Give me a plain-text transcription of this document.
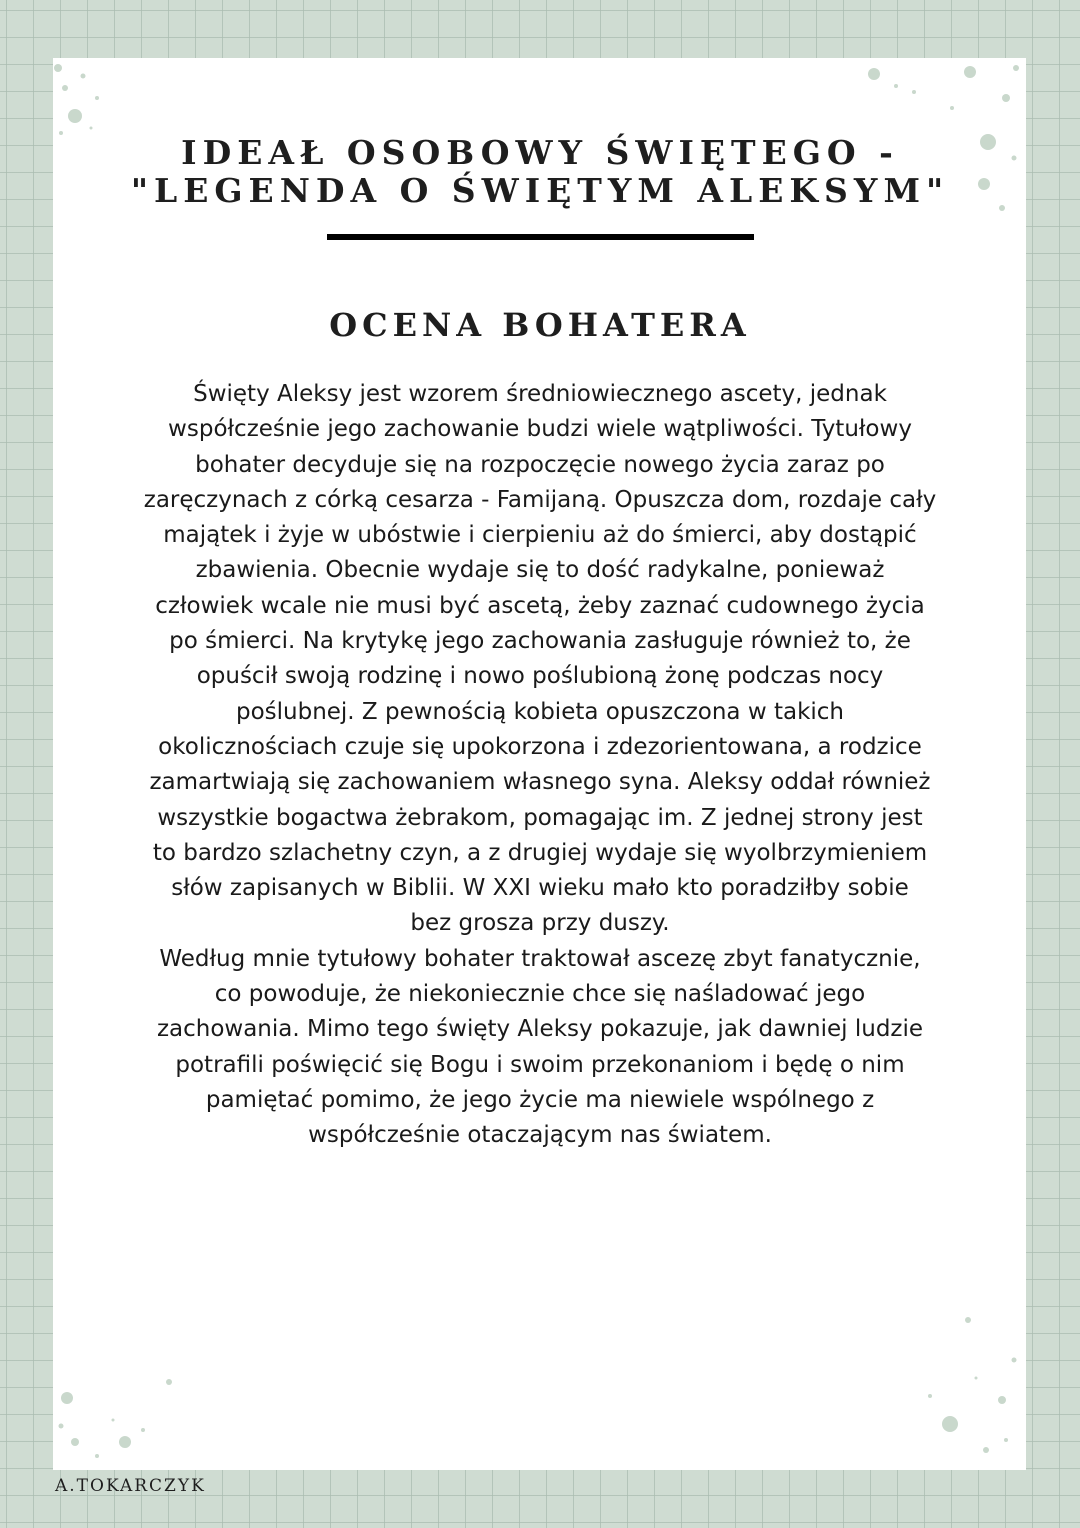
IDEAŁ OSOBOWY ŚWIĘTEGO -
"LEGENDA O ŚWIĘTYM ALEKSYM"
OCENA BOHATERA
Święty Aleksy jest wzorem średniowiecznego ascety, jednak
współcześnie jego zachowanie budzi wiele wątpliwości. Tytułowy
bohater decyduje się na rozpoczęcie nowego życia zaraz po
zaręczynach z córką cesarza - Famijaną. Opuszcza dom, rozdaje cały
majątek i żyje w ubóstwie i cierpieniu aż do śmierci, aby dostąpić
zbawienia. Obecnie wydaje się to dość radykalne, ponieważ
człowiek wcale nie musi być ascetą, żeby zaznać cudownego życia
po śmierci. Na krytykę jego zachowania zasługuje również to, że
opuścił swoją rodzinę i nowo poślubioną żonę podczas nocy
poślubnej. Z pewnością kobieta opuszczona w takich
okolicznościach czuje się upokorzona i zdezorientowana, a rodzice
zamartwiają się zachowaniem własnego syna. Aleksy oddał również
wszystkie bogactwa żebrakom, pomagając im. Z jednej strony jest
to bardzo szlachetny czyn, a z drugiej wydaje się wyolbrzymieniem
słów zapisanych w Biblii. W XXI wieku mało kto poradziłby sobie
bez grosza przy duszy.
Według mnie tytułowy bohater traktował ascezę zbyt fanatycznie,
co powoduje, że niekoniecznie chce się naśladować jego
zachowania. Mimo tego święty Aleksy pokazuje, jak dawniej ludzie
potrafili poświęcić się Bogu i swoim przekonaniom i będę o nim
pamiętać pomimo, że jego życie ma niewiele wspólnego z
współcześnie otaczającym nas światem.
A.TOKARCZYK
